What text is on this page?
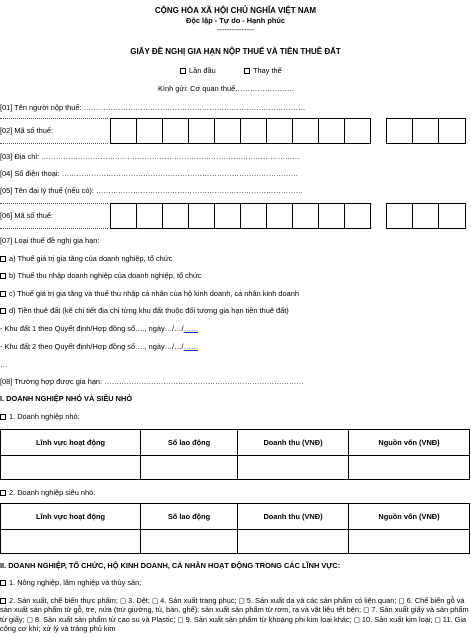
CỘNG HÒA XÃ HỘI CHỦ NGHĨA VIỆT NAM
Độc lập - Tự do - Hạnh phúc
---------------
GIẤY ĐỀ NGHỊ GIA HẠN NỘP THUẾ VÀ TIỀN THUÊ ĐẤT
Lần đầu	Thay thế
Kính gửi: Cơ quan thuế……………………
[01] Tên người nộp thuế: ………………………………………………………………………………
[02] Mã số thuế:
[03] Địa chỉ: ……………………………………………………………………………………………
[04] Số điện thoại: ……………………………………………………………………………………
[05] Tên đại lý thuế (nếu có): …………………………………………………………………………
[06] Mã số thuế:
[07] Loại thuế đề nghị gia hạn:
a) Thuế giá trị gia tăng của doanh nghiệp, tổ chức
b) Thuế thu nhập doanh nghiệp của doanh nghiệp, tổ chức
c) Thuế giá trị gia tăng và thuế thu nhập cá nhân của hộ kinh doanh, cá nhân kinh doanh
d) Tiền thuê đất (kê chi tiết địa chỉ từng khu đất thuộc đối tượng gia hạn tiền thuê đất)
- Khu đất 1 theo Quyết định/Hợp đồng số…., ngày…/…/……
- Khu đất 2 theo Quyết định/Hợp đồng số…., ngày…/…/……
…
[08] Trường hợp được gia hạn: ………………………………………………………………………
I. DOANH NGHIỆP NHỎ VÀ SIÊU NHỎ
1. Doanh nghiệp nhỏ:
Lĩnh vực hoạt động	Số lao động	Doanh thu (VNĐ)	Nguồn vốn (VNĐ)

2. Doanh nghiệp siêu nhỏ:
Lĩnh vực hoạt động	Số lao động	Doanh thu (VNĐ)	Nguồn vốn (VNĐ)

II. DOANH NGHIỆP, TỔ CHỨC, HỘ KINH DOANH, CÁ NHÂN HOẠT ĐỘNG TRONG CÁC LĨNH VỰC:
1. Nông nghiệp, lâm nghiệp và thủy sản;
2. Sản xuất, chế biến thực phẩm; ◻ 3. Dệt; ◻ 4. Sản xuất trang phục; ◻ 5. Sản xuất da và các sản phẩm có liên quan; ◻ 6. Chế biến gỗ và sản xuất sản phẩm từ gỗ, tre, nứa (trừ giường, tủ, bàn, ghế); sản xuất sản phẩm từ rơm, rạ và vật liệu tết bện; ◻ 7. Sản xuất giấy và sản phẩm từ giấy; ◻ 8. Sản xuất sản phẩm từ cao su và Plastic; ◻ 9. Sản xuất sản phẩm từ khoáng phi kim loại khác; ◻ 10. Sản xuất kim loại; ◻ 11. Gia công cơ khí; xử lý và tráng phủ kim
